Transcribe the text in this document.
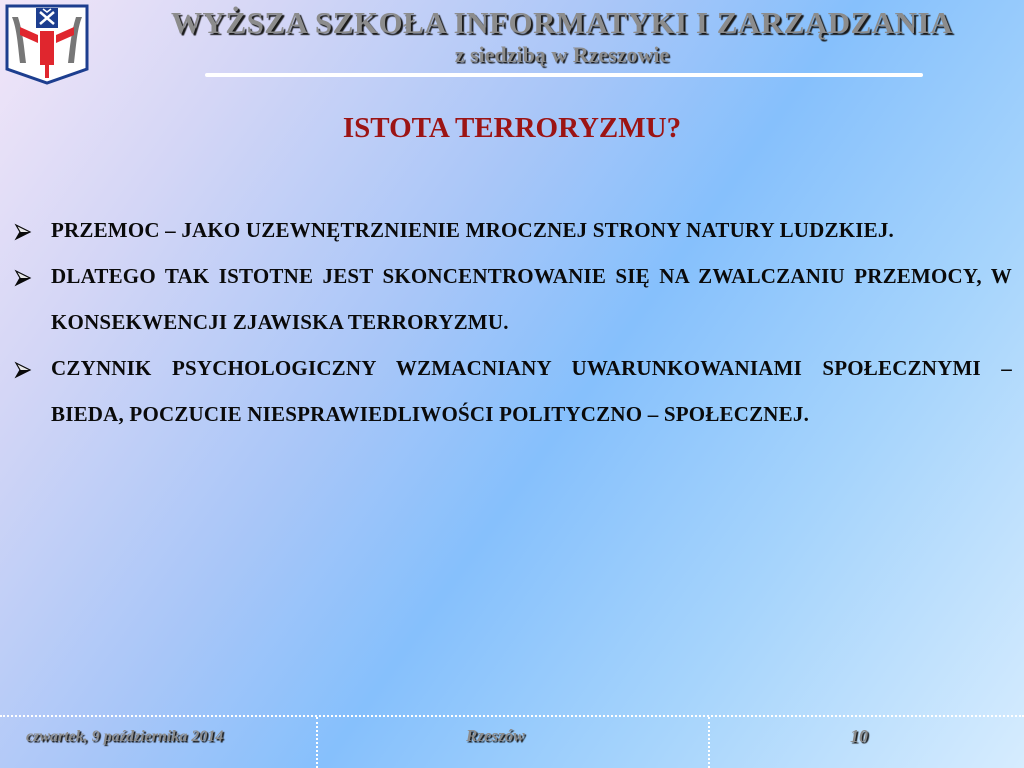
WYŻSZA SZKOŁA INFORMATYKI I ZARZĄDZANIA
z siedzibą w Rzeszowie
ISTOTA TERRORYZMU?
PRZEMOC – JAKO UZEWNĘTRZNIENIE MROCZNEJ STRONY NATURY LUDZKIEJ.
DLATEGO TAK ISTOTNE JEST SKONCENTROWANIE SIĘ NA ZWALCZANIU PRZEMOCY, W KONSEKWENCJI ZJAWISKA TERRORYZMU.
CZYNNIK PSYCHOLOGICZNY WZMACNIANY UWARUNKOWANIAMI SPOŁECZNYMI – BIEDA, POCZUCIE NIESPRAWIEDLIWOŚCI POLITYCZNO – SPOŁECZNEJ.
czwartek, 9 października 2014	Rzeszów	10
